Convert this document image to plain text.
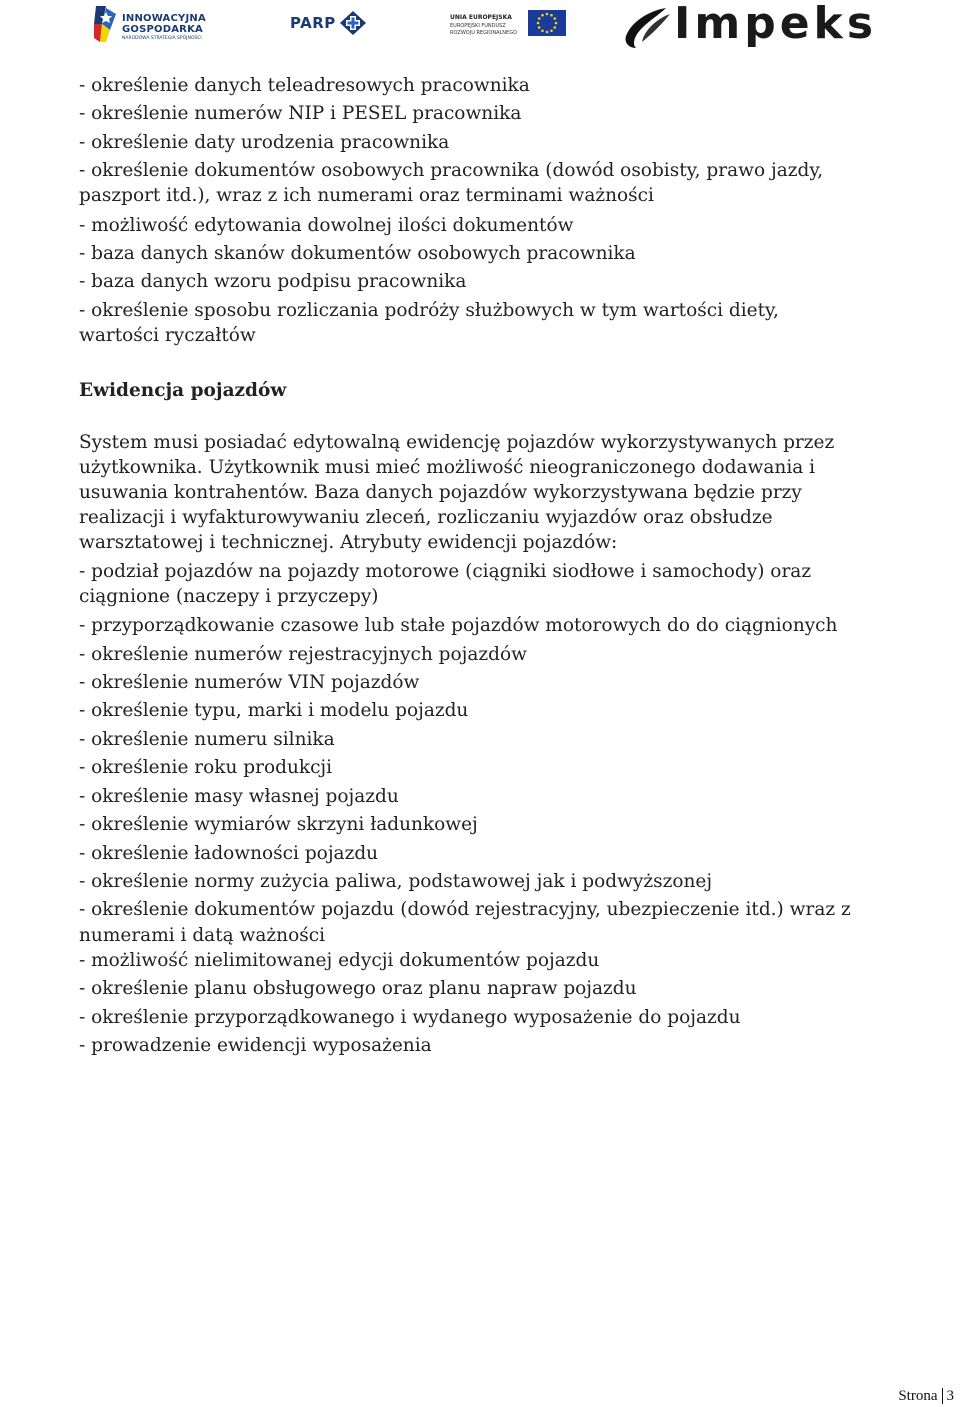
INNOWACYJNA
GOSPODARKA
NARODOWA STRATEGIA SPÓJNOŚCI
PARP	UNIA EUROPEJSKA
EUROPEJSKI FUNDUSZ
ROZWOJU REGIONALNEGO	Impeks
- określenie danych teleadresowych pracownika
- określenie numerów NIP i PESEL pracownika
- określenie daty urodzenia pracownika
- określenie dokumentów osobowych pracownika (dowód osobisty, prawo jazdy,
paszport itd.), wraz z ich numerami oraz terminami ważności
- możliwość edytowania dowolnej ilości dokumentów
- baza danych skanów dokumentów osobowych pracownika
- baza danych wzoru podpisu pracownika
- określenie sposobu rozliczania podróży służbowych w tym wartości diety,
wartości ryczałtów
Ewidencja pojazdów
System musi posiadać edytowalną ewidencję pojazdów wykorzystywanych przez
użytkownika. Użytkownik musi mieć możliwość nieograniczonego dodawania i
usuwania kontrahentów. Baza danych pojazdów wykorzystywana będzie przy
realizacji i wyfakturowywaniu zleceń, rozliczaniu wyjazdów oraz obsłudze
warsztatowej i technicznej. Atrybuty ewidencji pojazdów:
- podział pojazdów na pojazdy motorowe (ciągniki siodłowe i samochody) oraz
ciągnione (naczepy i przyczepy)
- przyporządkowanie czasowe lub stałe pojazdów motorowych do do ciągnionych
- określenie numerów rejestracyjnych pojazdów
- określenie numerów VIN pojazdów
- określenie typu, marki i modelu pojazdu
- określenie numeru silnika
- określenie roku produkcji
- określenie masy własnej pojazdu
- określenie wymiarów skrzyni ładunkowej
- określenie ładowności pojazdu
- określenie normy zużycia paliwa, podstawowej jak i podwyższonej
- określenie dokumentów pojazdu (dowód rejestracyjny, ubezpieczenie itd.) wraz z
numerami i datą ważności
- możliwość nielimitowanej edycji dokumentów pojazdu
- określenie planu obsługowego oraz planu napraw pojazdu
- określenie przyporządkowanego i wydanego wyposażenie do pojazdu
- prowadzenie ewidencji wyposażenia
Strona 3
